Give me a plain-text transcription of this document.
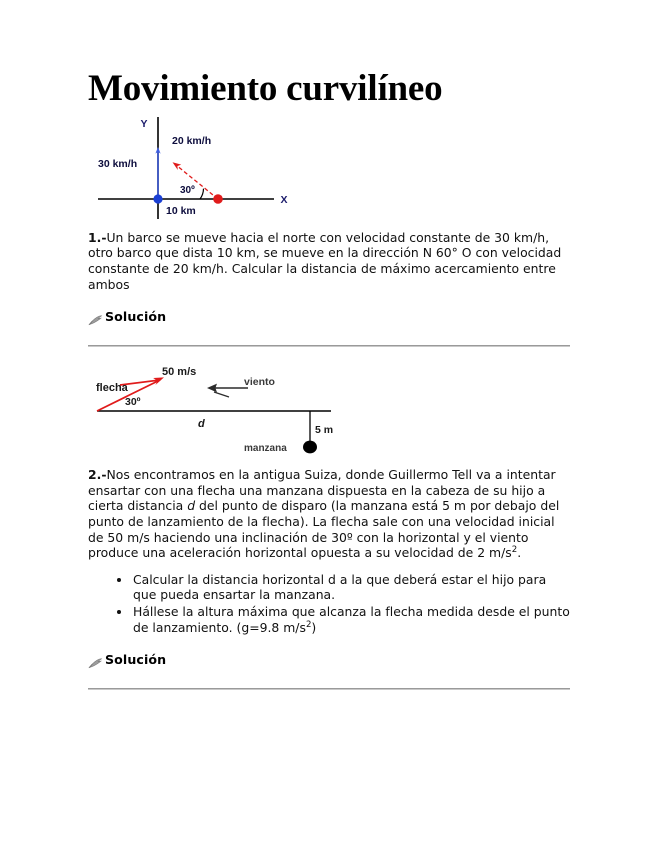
Movimiento curvilíneo
Y
X
30 km/h
20 km/h
30º
10 km

1.-Un barco se mueve hacia el norte con velocidad constante de 30 km/h, otro barco que dista 10 km, se mueve en la dirección N 60° O con velocidad constante de 20 km/h. Calcular la distancia de máximo acercamiento entre ambos

Solución
flecha
50 m/s
30º
viento
d	5 m
manzana

2.-Nos encontramos en la antigua Suiza, donde Guillermo Tell va a intentar ensartar con una flecha una manzana dispuesta en la cabeza de su hijo a cierta distancia d del punto de disparo (la manzana está 5 m por debajo del punto de lanzamiento de la flecha). La flecha sale con una velocidad inicial de 50 m/s haciendo una inclinación de 30º con la horizontal y el viento produce una aceleración horizontal opuesta a su velocidad de 2 $m/s^2$.

Calcular la distancia horizontal d a la que deberá estar el hijo para que pueda ensartar la manzana.
Hállese la altura máxima que alcanza la flecha medida desde el punto de lanzamiento. (g=9.8 $m/s^2$)
Solución
